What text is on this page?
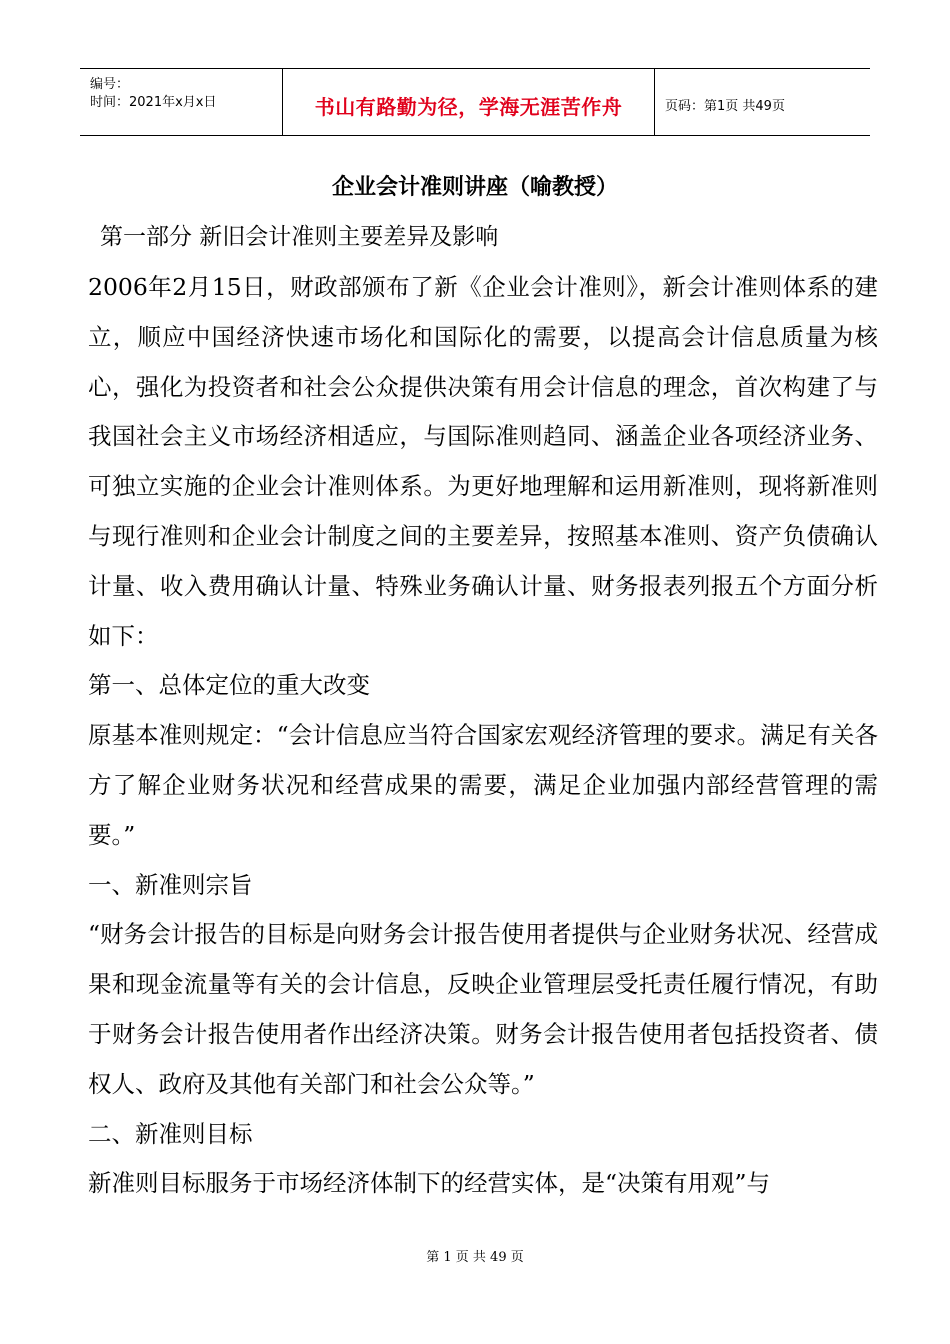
编号：
时间：2021年x月x日	书山有路勤为径，学海无涯苦作舟	页码：第1页 共49页
企业会计准则讲座（喻教授）
第一部分 新旧会计准则主要差异及影响

2006年2月15日，财政部颁布了新《企业会计准则》，新会计准则体系的建立，顺应中国经济快速市场化和国际化的需要，以提高会计信息质量为核心，强化为投资者和社会公众提供决策有用会计信息的理念，首次构建了与我国社会主义市场经济相适应，与国际准则趋同、涵盖企业各项经济业务、可独立实施的企业会计准则体系。为更好地理解和运用新准则，现将新准则与现行准则和企业会计制度之间的主要差异，按照基本准则、资产负债确认计量、收入费用确认计量、特殊业务确认计量、财务报表列报五个方面分析如下：

第一、总体定位的重大改变

原基本准则规定：“会计信息应当符合国家宏观经济管理的要求。满足有关各方了解企业财务状况和经营成果的需要，满足企业加强内部经营管理的需要。”

一、新准则宗旨

“财务会计报告的目标是向财务会计报告使用者提供与企业财务状况、经营成果和现金流量等有关的会计信息，反映企业管理层受托责任履行情况，有助于财务会计报告使用者作出经济决策。财务会计报告使用者包括投资者、债权人、政府及其他有关部门和社会公众等。”

二、新准则目标

新准则目标服务于市场经济体制下的经营实体，是“决策有用观”与

第 1 页 共 49 页
